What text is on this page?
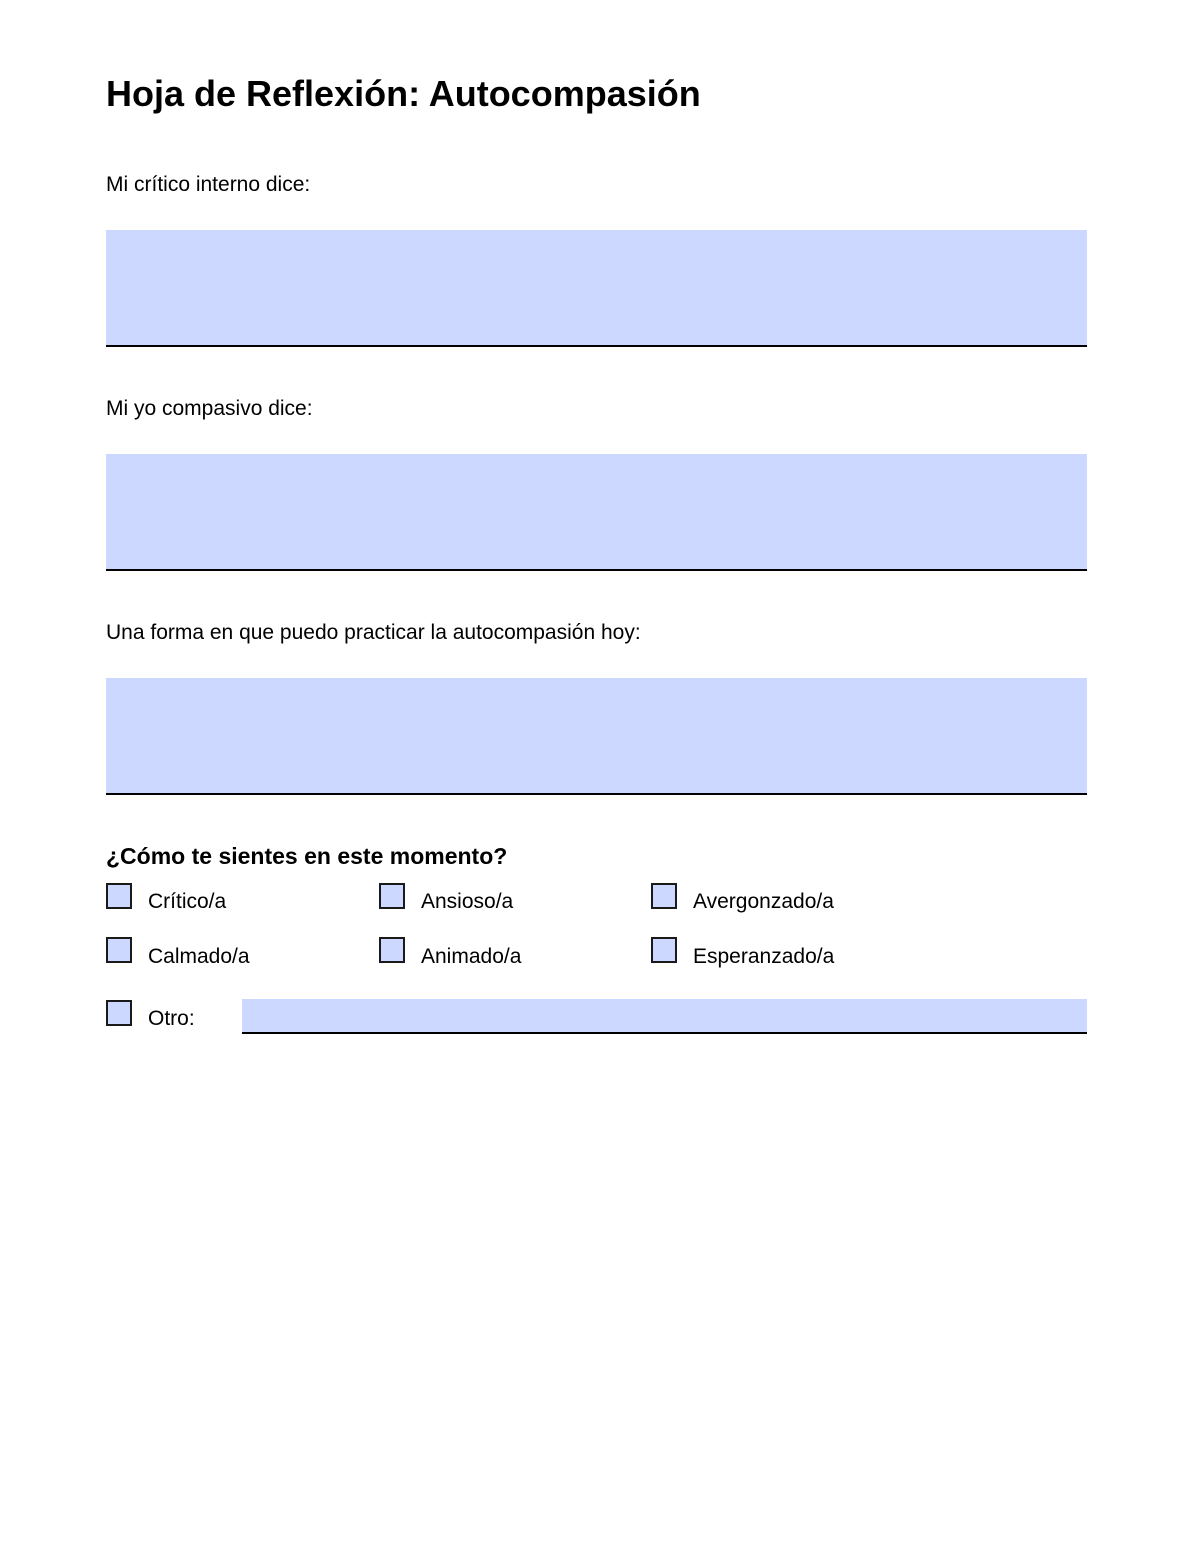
Hoja de Reflexión: Autocompasión
Mi crítico interno dice:
Mi yo compasivo dice:
Una forma en que puedo practicar la autocompasión hoy:
¿Cómo te sientes en este momento?
Crítico/a	Ansioso/a	Avergonzado/a
Calmado/a	Animado/a	Esperanzado/a
Otro:
